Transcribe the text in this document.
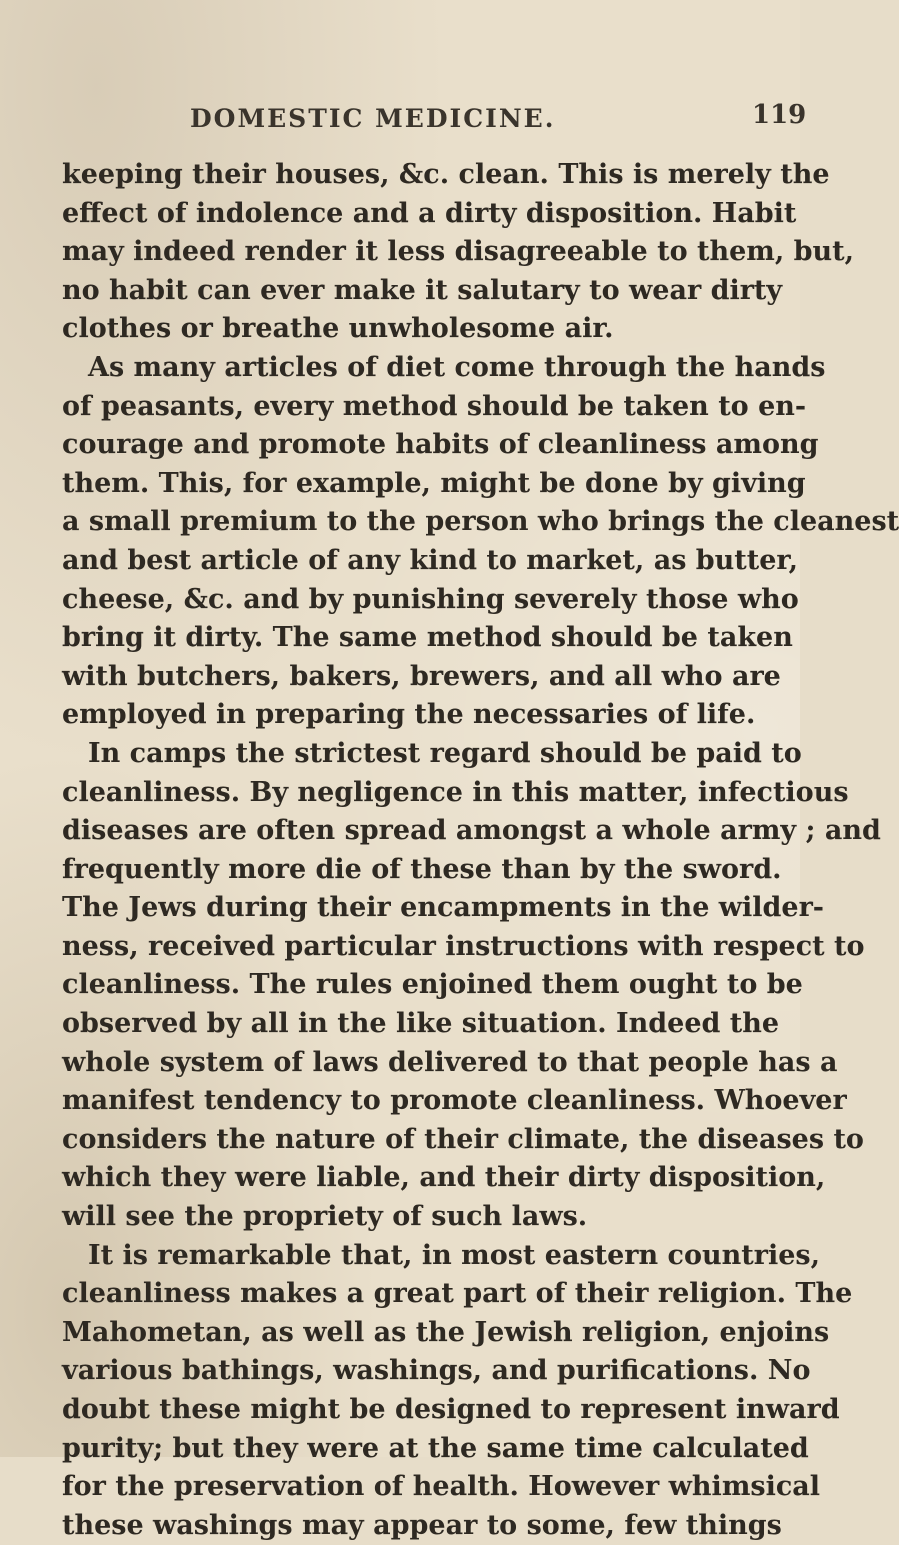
DOMESTIC MEDICINE.	119
keeping their houses, &c. clean. This is merely the
effect of indolence and a dirty disposition. Habit
may indeed render it less disagreeable to them, but,
no habit can ever make it salutary to wear dirty
clothes or breathe unwholesome air.
As many articles of diet come through the hands
of peasants, every method should be taken to en-
courage and promote habits of cleanliness among
them. This, for example, might be done by giving
a small premium to the person who brings the cleanest
and best article of any kind to market, as butter,
cheese, &c. and by punishing severely those who
bring it dirty. The same method should be taken
with butchers, bakers, brewers, and all who are
employed in preparing the necessaries of life.
In camps the strictest regard should be paid to
cleanliness. By negligence in this matter, infectious
diseases are often spread amongst a whole army ; and
frequently more die of these than by the sword.
The Jews during their encampments in the wilder-
ness, received particular instructions with respect to
cleanliness. The rules enjoined them ought to be
observed by all in the like situation. Indeed the
whole system of laws delivered to that people has a
manifest tendency to promote cleanliness. Whoever
considers the nature of their climate, the diseases to
which they were liable, and their dirty disposition,
will see the propriety of such laws.
It is remarkable that, in most eastern countries,
cleanliness makes a great part of their religion. The
Mahometan, as well as the Jewish religion, enjoins
various bathings, washings, and purifications. No
doubt these might be designed to represent inward
purity; but they were at the same time calculated
for the preservation of health. However whimsical
these washings may appear to some, few things
